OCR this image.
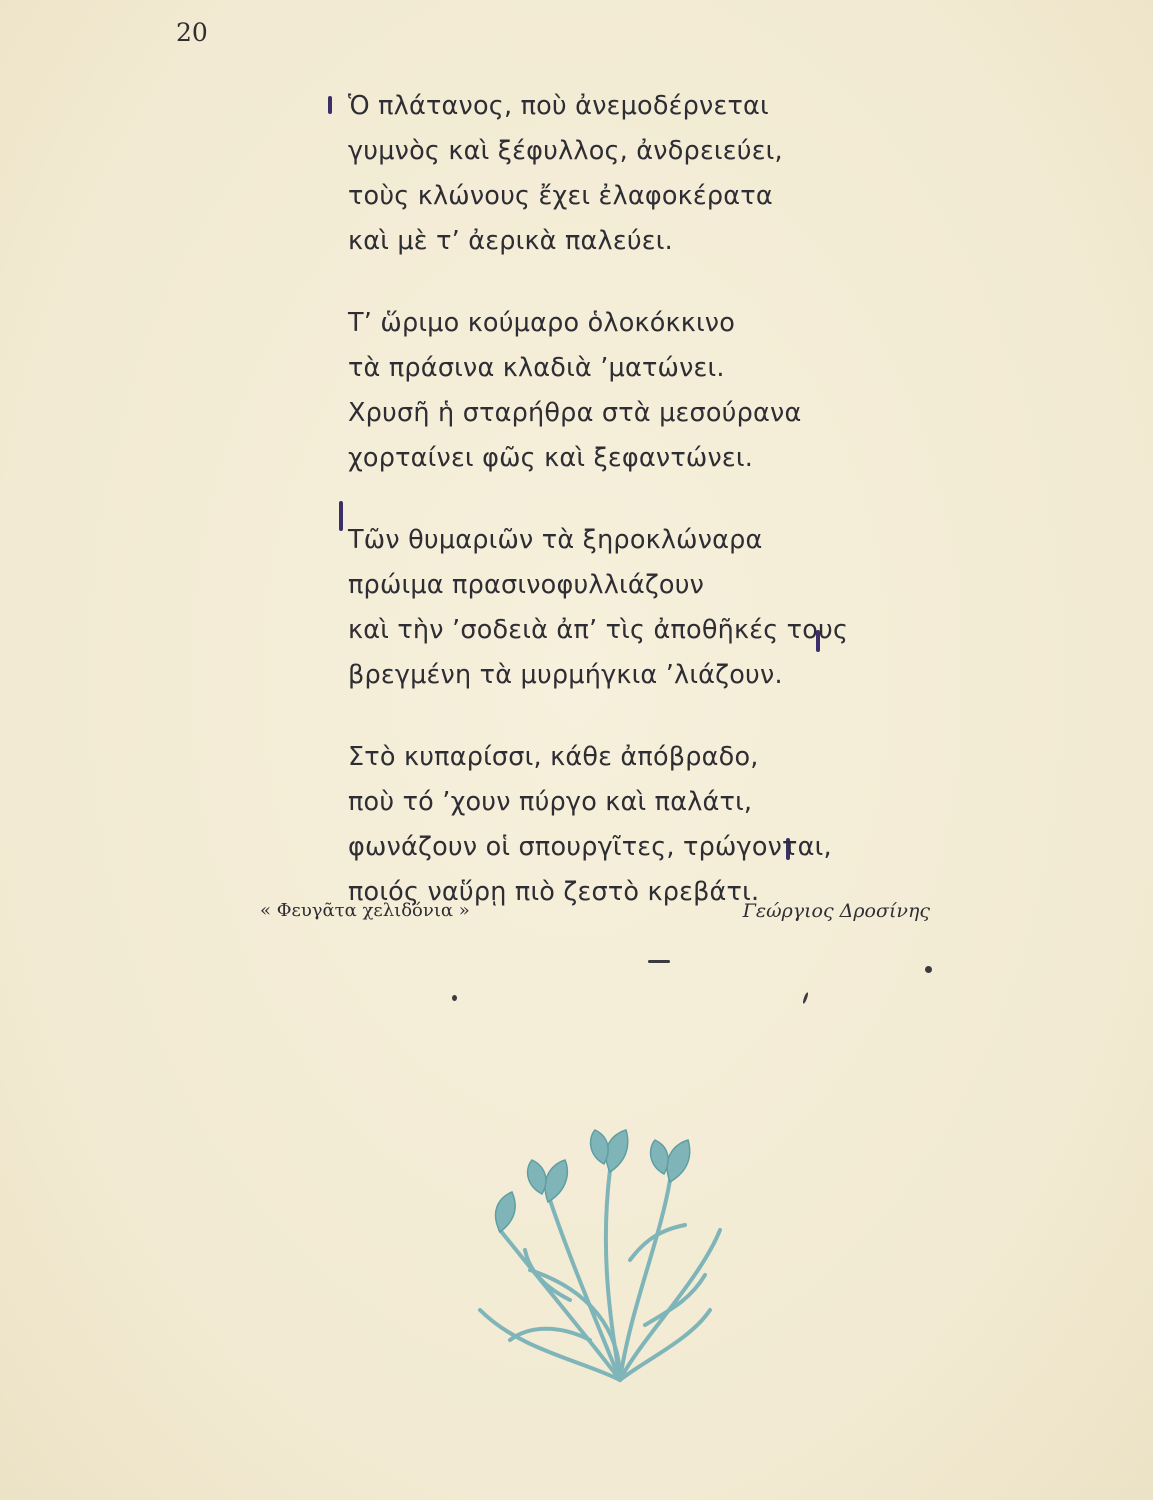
20
Ὁ πλάτανος, ποὺ ἀνεμοδέρνεται
γυμνὸς καὶ ξέφυλλος, ἀνδρειεύει,
τοὺς κλώνους ἔχει ἐλαφοκέρατα
καὶ μὲ τ’ ἀερικὰ παλεύει.
Τ’ ὥριμο κούμαρο ὁλοκόκκινο
τὰ πράσινα κλαδιὰ ’ματώνει.
Χρυσῆ ἡ σταρήθρα στὰ μεσούρανα
χορταίνει φῶς καὶ ξεφαντώνει.
Τῶν θυμαριῶν τὰ ξηροκλώναρα
πρώιμα πρασινοφυλλιάζουν
καὶ τὴν ’σοδειὰ ἀπ’ τὶς ἀποθῆκές τους
βρεγμένη τὰ μυρμήγκια ’λιάζουν.
Στὸ κυπαρίσσι, κάθε ἀπόβραδο,
ποὺ τό ’χουν πύργο καὶ παλάτι,
φωνάζουν οἱ σπουργῖτες, τρώγονται,
ποιός ναὕρῃ πιὸ ζεστὸ κρεβάτι.
« Φευγᾶτα χελιδόνια »	Γεώργιος Δροσίνης
